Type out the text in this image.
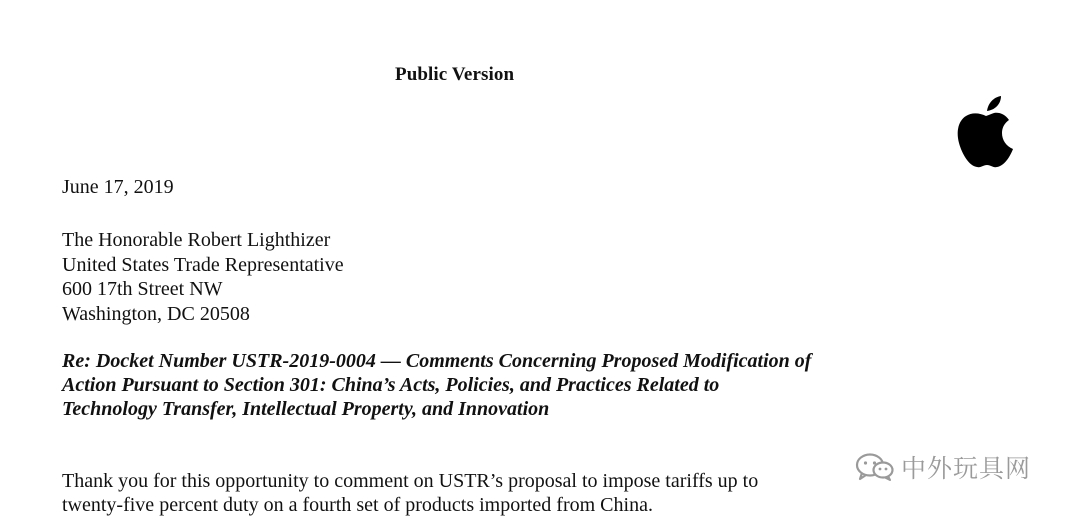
Public Version
June 17, 2019
The Honorable Robert Lighthizer
United States Trade Representative
600 17th Street NW
Washington, DC 20508
Re: Docket Number USTR-2019-0004 — Comments Concerning Proposed Modification of
Action Pursuant to Section 301: China’s Acts, Policies, and Practices Related to
Technology Transfer, Intellectual Property, and Innovation
Thank you for this opportunity to comment on USTR’s proposal to impose tariffs up to
twenty-five percent duty on a fourth set of products imported from China.
中外玩具网
